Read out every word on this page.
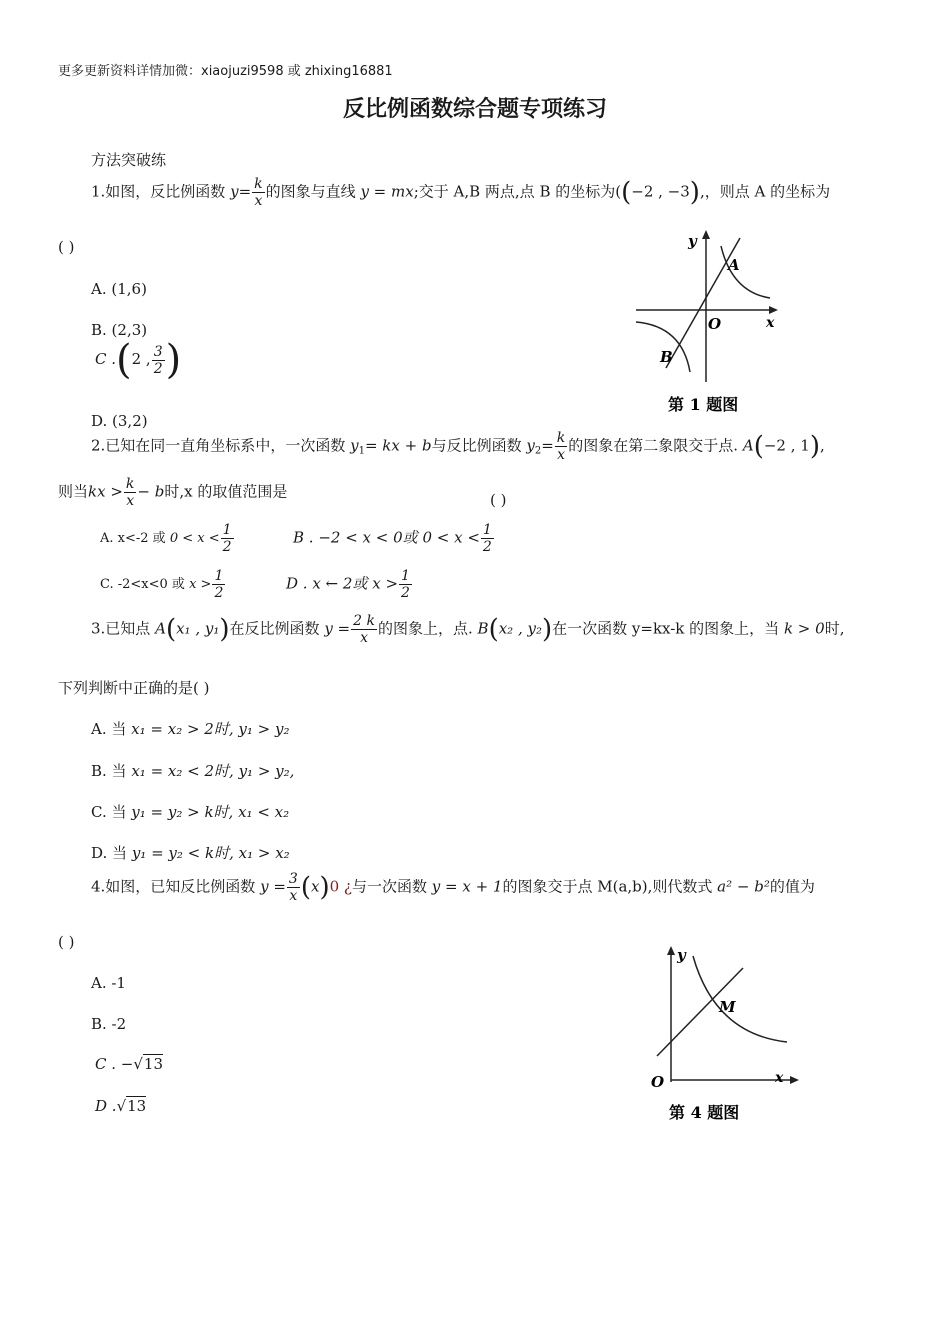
更多更新资料详情加微：xiaojuzi9598 或 zhixing16881
反比例函数综合题专项练习
方法突破练
1.如图，反比例函数 $y= \frac{k}{x}$ 的图象与直线 y = mx;交于 A,B 两点,点 B 的坐标为((−2 , −3),，则点 A 的坐标为
( )
A. (1,6)
B. (2,3)
C .(2 , $\frac{3}{2}$ )
D. (3,2)
y
x
O
A
B
第 1 题图
2.已知在同一直角坐标系中，一次函数 $y_1=$ kx + b与反比例函数 $y_2= \frac{k}{x}$ 的图象在第二象限交于点. A(−2 , 1),
则当kx > $\frac{k}{x} - b$时,x 的取值范围是	( )
A. x<-2 或 $0 < x < \frac{1}{2}$	B . −2 < x < 0或 $0 < x < \frac{1}{2}$
C. -2<x<0 或 $x > \frac{1}{2}$	D . x ← 2或 $x > \frac{1}{2}$
3.已知点 A(x₁ , y₁)在反比例函数 $y = \frac{2 k}{x}$ 的图象上，点. B(x₂ , y₂)在一次函数 y=kx-k 的图象上，当 k > 0时,
下列判断中正确的是( )
A. 当 x₁ = x₂ > 2时, y₁ > y₂
B. 当 x₁ = x₂ < 2时, y₁ > y₂,
C. 当 y₁ = y₂ > k时, x₁ < x₂
D. 当 y₁ = y₂ < k时, x₁ > x₂
4.如图，已知反比例函数 $y = \frac{3}{x} (x)0$ ¿与一次函数 y = x + 1的图象交于点 M(a,b),则代数式 a² − b²的值为
( )
A. -1
B. -2
C . −√13
D .√13
y
x
O
M
第 4 题图
